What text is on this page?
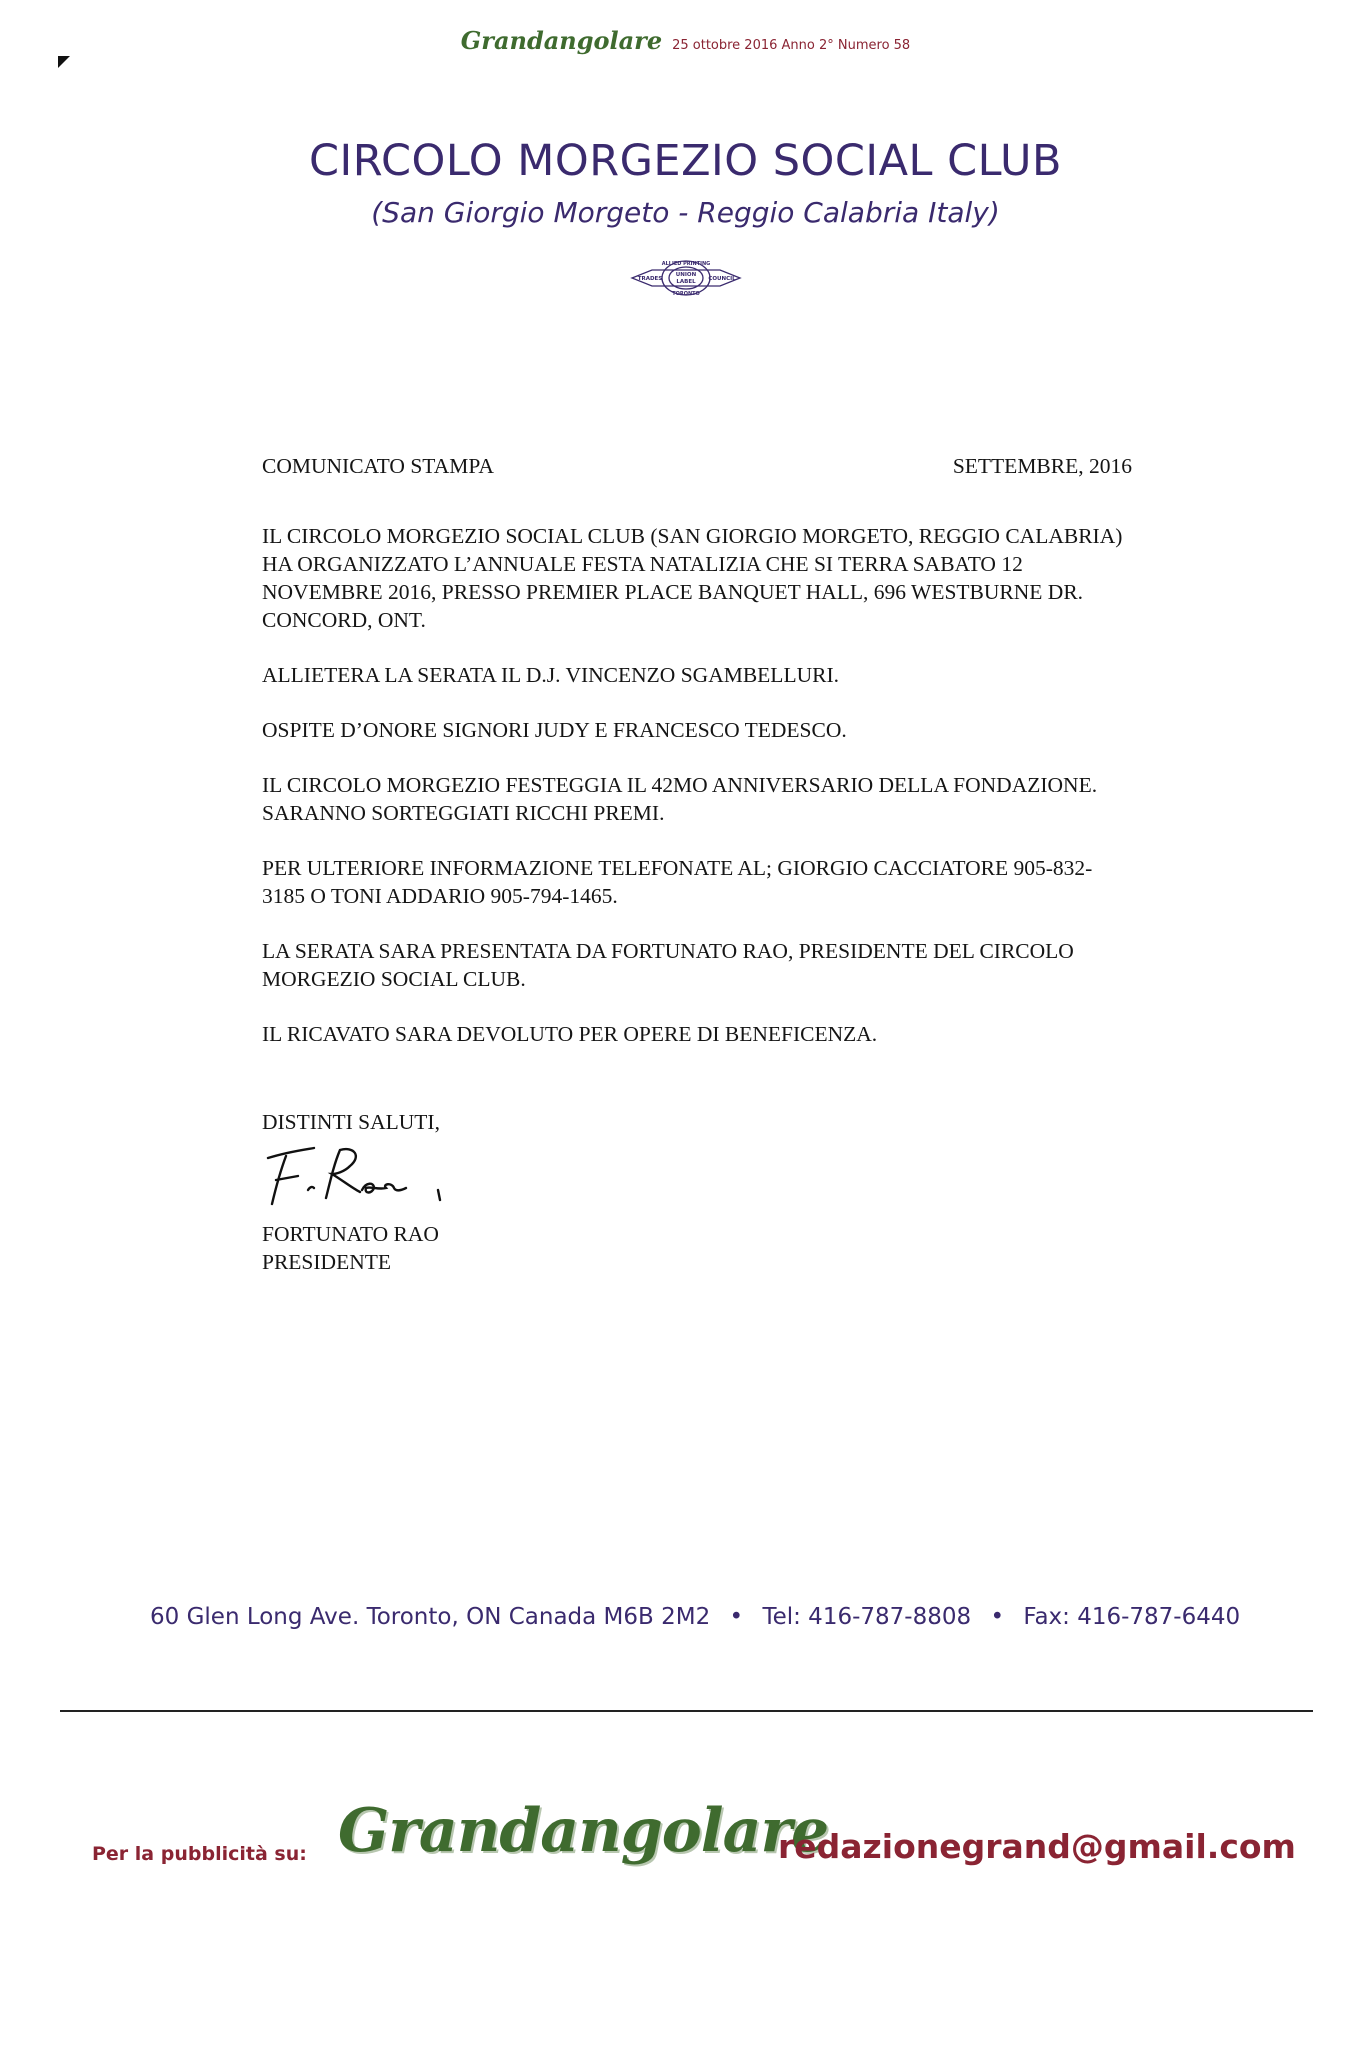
Grandangolare 25 ottobre 2016 Anno 2° Numero 58
CIRCOLO MORGEZIO SOCIAL CLUB
(San Giorgio Morgeto - Reggio Calabria Italy)
ALLIED PRINTING
TRADES
UNION
LABEL COUNCIL
TORONTO
COMUNICATO STAMPA	SETTEMBRE, 2016

IL CIRCOLO MORGEZIO SOCIAL CLUB (SAN GIORGIO MORGETO, REGGIO CALABRIA) HA ORGANIZZATO L’ANNUALE FESTA NATALIZIA CHE SI TERRA SABATO 12 NOVEMBRE 2016, PRESSO PREMIER PLACE BANQUET HALL, 696 WESTBURNE DR. CONCORD, ONT.

ALLIETERA LA SERATA IL D.J. VINCENZO SGAMBELLURI.

OSPITE D’ONORE SIGNORI JUDY E FRANCESCO TEDESCO.

IL CIRCOLO MORGEZIO FESTEGGIA IL 42MO ANNIVERSARIO DELLA FONDAZIONE. SARANNO SORTEGGIATI RICCHI PREMI.

PER ULTERIORE INFORMAZIONE TELEFONATE AL; GIORGIO CACCIATORE 905-832-3185 O TONI ADDARIO 905-794-1465.

LA SERATA SARA PRESENTATA DA FORTUNATO RAO, PRESIDENTE DEL CIRCOLO MORGEZIO SOCIAL CLUB.

IL RICAVATO SARA DEVOLUTO PER OPERE DI BENEFICENZA.

DISTINTI SALUTI,
FORTUNATO RAO
PRESIDENTE
60 Glen Long Ave. Toronto, ON Canada M6B 2M2 • Tel: 416-787-8808 • Fax: 416-787-6440
Per la pubblicità su: Grandangolare
redazionegrand@gmail.com
